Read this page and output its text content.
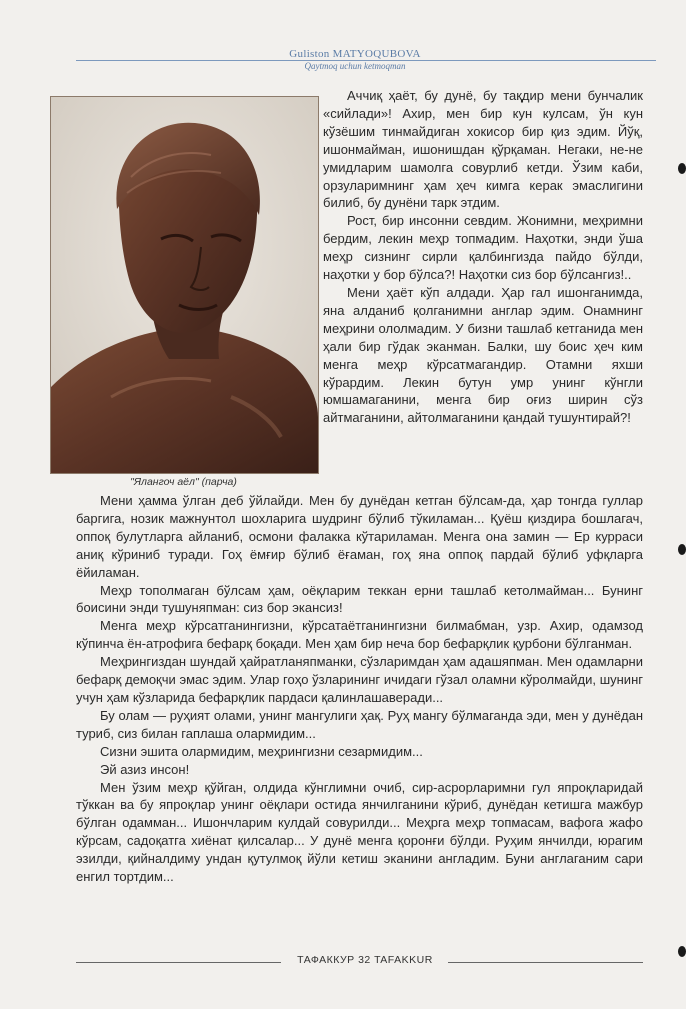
Guliston MATYOQUBOVA
Qaytmoq uchun ketmoqman
"Ялангоч аёл" (парча)

Аччиқ ҳаёт, бу дунё, бу тақдир мени бунчалик «сийлади»! Ахир, мен бир кун кулсам, ўн кун кўзёшим тинмайдиган хокисор бир қиз эдим. Йўқ, ишонмайман, ишонишдан қўрқаман. Негаки, не-не умидларим шамолга совурлиб кетди. Ўзим каби, орзуларимнинг ҳам ҳеч кимга керак эмаслигини билиб, бу дунёни тарк этдим.

Рост, бир инсонни севдим. Жонимни, меҳримни бердим, лекин меҳр топмадим. Наҳотки, энди ўша меҳр сизнинг сирли қалбингизда пайдо бўлди, наҳотки у бор бўлса?! Наҳотки сиз бор бўлсангиз!..

Мени ҳаёт кўп алдади. Ҳар гал ишонганимда, яна алданиб қолганимни англар эдим. Онамнинг меҳрини ололмадим. У бизни ташлаб кетганида мен ҳали бир гўдак эканман. Балки, шу боис ҳеч ким менга меҳр кўрсатмагандир. Отамни яхши кўрардим. Лекин бутун умр унинг кўнгли юмшамаганини, менга бир оғиз ширин сўз айтмаганини, айтолмаганини қандай тушунтирай?!

Мени ҳамма ўлган деб ўйлайди. Мен бу дунёдан кетган бўлсам-да, ҳар тонгда гуллар баргига, нозик мажнунтол шохларига шудринг бўлиб тўкиламан... Қуёш қиздира бошлагач, оппоқ булутларга айланиб, осмони фалакка кўтариламан. Менга она замин — Ер курраси аниқ кўриниб туради. Гоҳ ёмғир бўлиб ёғаман, гоҳ яна оппоқ пардай бўлиб уфқларга ёйиламан.

Меҳр тополмаган бўлсам ҳам, оёқларим теккан ерни ташлаб кетолмайман... Бунинг боисини энди тушуняпман: сиз бор экансиз!

Менга меҳр кўрсатганингизни, кўрсатаётганингизни билмабман, узр. Ахир, одамзод кўпинча ён-атрофига бефарқ боқади. Мен ҳам бир неча бор бефарқлик қурбони бўлганман.

Меҳрингиздан шундай ҳайратланяпманки, сўзларимдан ҳам адашяпман. Мен одамларни бефарқ демоқчи эмас эдим. Улар гоҳо ўзларининг ичидаги гўзал оламни кўролмайди, шунинг учун ҳам кўзларида бефарқлик пардаси қалинлашаверади...

Бу олам — руҳият олами, унинг мангулиги ҳақ. Руҳ мангу бўлмаганда эди, мен у дунёдан туриб, сиз билан гаплаша олармидим...

Сизни эшита олармидим, меҳрингизни сезармидим...

Эй азиз инсон!

Мен ўзим меҳр қўйган, олдида кўнглимни очиб, сир-асрорларимни гул япроқларидай тўккан ва бу япроқлар унинг оёқлари остида янчилганини кўриб, дунёдан кетишга мажбур бўлган одамман... Ишончларим кулдай совурилди... Меҳрга меҳр топмасам, вафога жафо кўрсам, садоқатга хиёнат қилсалар... У дунё менга қоронғи бўлди. Руҳим янчилди, юрагим эзилди, қийналдиму ундан қутулмоқ йўли кетиш эканини англадим. Буни англаганим сари енгил тортдим...

ТАФАККУР 32 TAFAKKUR
